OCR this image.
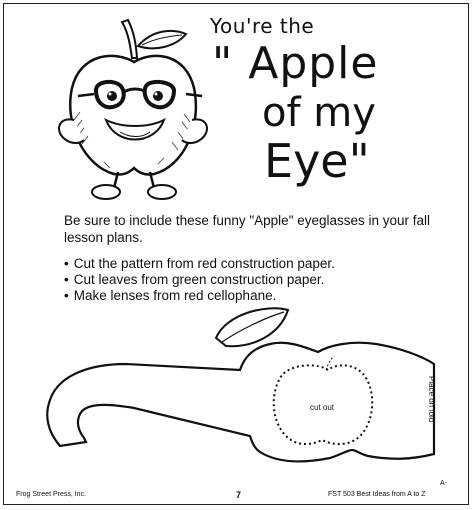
You're the
" Apple
of my
Eye"
Be sure to include these funny "Apple" eyeglasses in your fall lesson plans.
• Cut the pattern from red construction paper.
• Cut leaves from green construction paper.
• Make lenses from red cellophane.
cut out	Place on fold
Frog Street Press, Inc.	7	FST 503 Best Ideas from A to Z
A-
